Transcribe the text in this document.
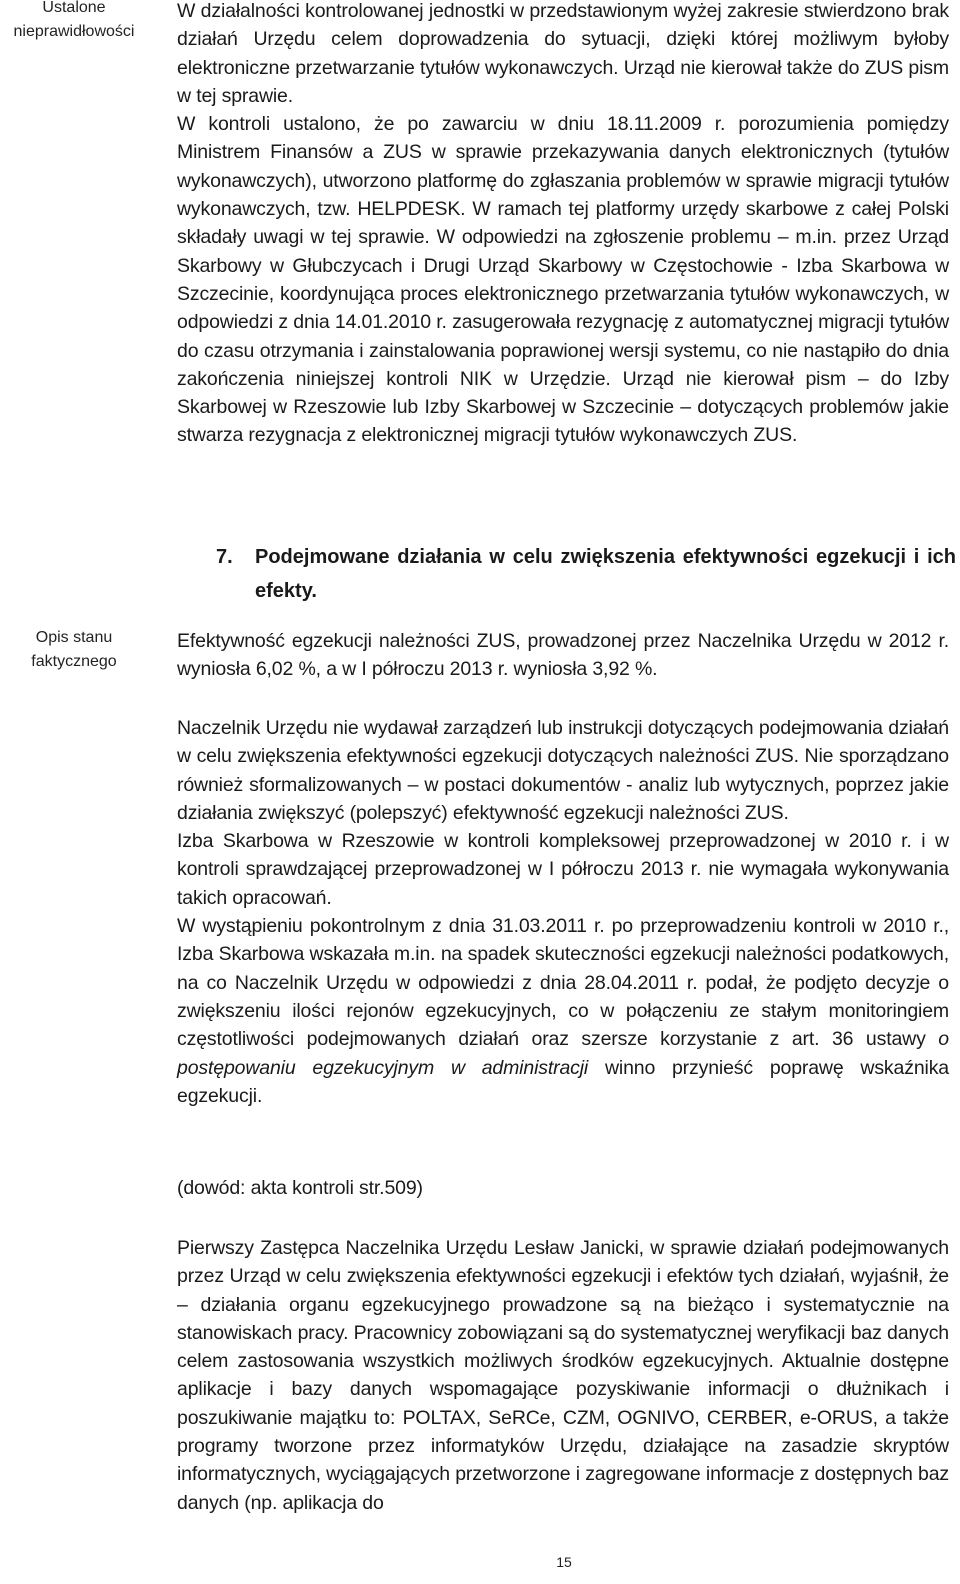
Ustalone nieprawidłowości
Opis stanu faktycznego

W działalności kontrolowanej jednostki w przedstawionym wyżej zakresie stwierdzono brak działań Urzędu celem doprowadzenia do sytuacji, dzięki której możliwym byłoby elektroniczne przetwarzanie tytułów wykonawczych. Urząd nie kierował także do ZUS pism w tej sprawie.

W kontroli ustalono, że po zawarciu w dniu 18.11.2009 r. porozumienia pomiędzy Ministrem Finansów a ZUS w sprawie przekazywania danych elektronicznych (tytułów wykonawczych), utworzono platformę do zgłaszania problemów w sprawie migracji tytułów wykonawczych, tzw. HELPDESK. W ramach tej platformy urzędy skarbowe z całej Polski składały uwagi w tej sprawie. W odpowiedzi na zgłoszenie problemu – m.in. przez Urząd Skarbowy w Głubczycach i Drugi Urząd Skarbowy w Częstochowie - Izba Skarbowa w Szczecinie, koordynująca proces elektronicznego przetwarzania tytułów wykonawczych, w odpowiedzi z dnia 14.01.2010 r. zasugerowała rezygnację z automatycznej migracji tytułów do czasu otrzymania i zainstalowania poprawionej wersji systemu, co nie nastąpiło do dnia zakończenia niniejszej kontroli NIK w Urzędzie. Urząd nie kierował pism – do Izby Skarbowej w Rzeszowie lub Izby Skarbowej w Szczecinie – dotyczących problemów jakie stwarza rezygnacja z elektronicznej migracji tytułów wykonawczych ZUS.

7. Podejmowane działania w celu zwiększenia efektywności egzekucji i ich efekty.

Efektywność egzekucji należności ZUS, prowadzonej przez Naczelnika Urzędu w 2012 r. wyniosła 6,02 %, a w I półroczu 2013 r. wyniosła 3,92 %.

Naczelnik Urzędu nie wydawał zarządzeń lub instrukcji dotyczących podejmowania działań w celu zwiększenia efektywności egzekucji dotyczących należności ZUS. Nie sporządzano również sformalizowanych – w postaci dokumentów - analiz lub wytycznych, poprzez jakie działania zwiększyć (polepszyć) efektywność egzekucji należności ZUS.

Izba Skarbowa w Rzeszowie w kontroli kompleksowej przeprowadzonej w 2010 r. i w kontroli sprawdzającej przeprowadzonej w I półroczu 2013 r. nie wymagała wykonywania takich opracowań.

W wystąpieniu pokontrolnym z dnia 31.03.2011 r. po przeprowadzeniu kontroli w 2010 r., Izba Skarbowa wskazała m.in. na spadek skuteczności egzekucji należności podatkowych, na co Naczelnik Urzędu w odpowiedzi z dnia 28.04.2011 r. podał, że podjęto decyzje o zwiększeniu ilości rejonów egzekucyjnych, co w połączeniu ze stałym monitoringiem częstotliwości podejmowanych działań oraz szersze korzystanie z art. 36 ustawy o postępowaniu egzekucyjnym w administracji winno przynieść poprawę wskaźnika egzekucji.

(dowód: akta kontroli str.509)

Pierwszy Zastępca Naczelnika Urzędu Lesław Janicki, w sprawie działań podejmowanych przez Urząd w celu zwiększenia efektywności egzekucji i efektów tych działań, wyjaśnił, że – działania organu egzekucyjnego prowadzone są na bieżąco i systematycznie na stanowiskach pracy. Pracownicy zobowiązani są do systematycznej weryfikacji baz danych celem zastosowania wszystkich możliwych środków egzekucyjnych. Aktualnie dostępne aplikacje i bazy danych wspomagające pozyskiwanie informacji o dłużnikach i poszukiwanie majątku to: POLTAX, SeRCe, CZM, OGNIVO, CERBER, e-ORUS, a także programy tworzone przez informatyków Urzędu, działające na zasadzie skryptów informatycznych, wyciągających przetworzone i zagregowane informacje z dostępnych baz danych (np. aplikacja do

15
